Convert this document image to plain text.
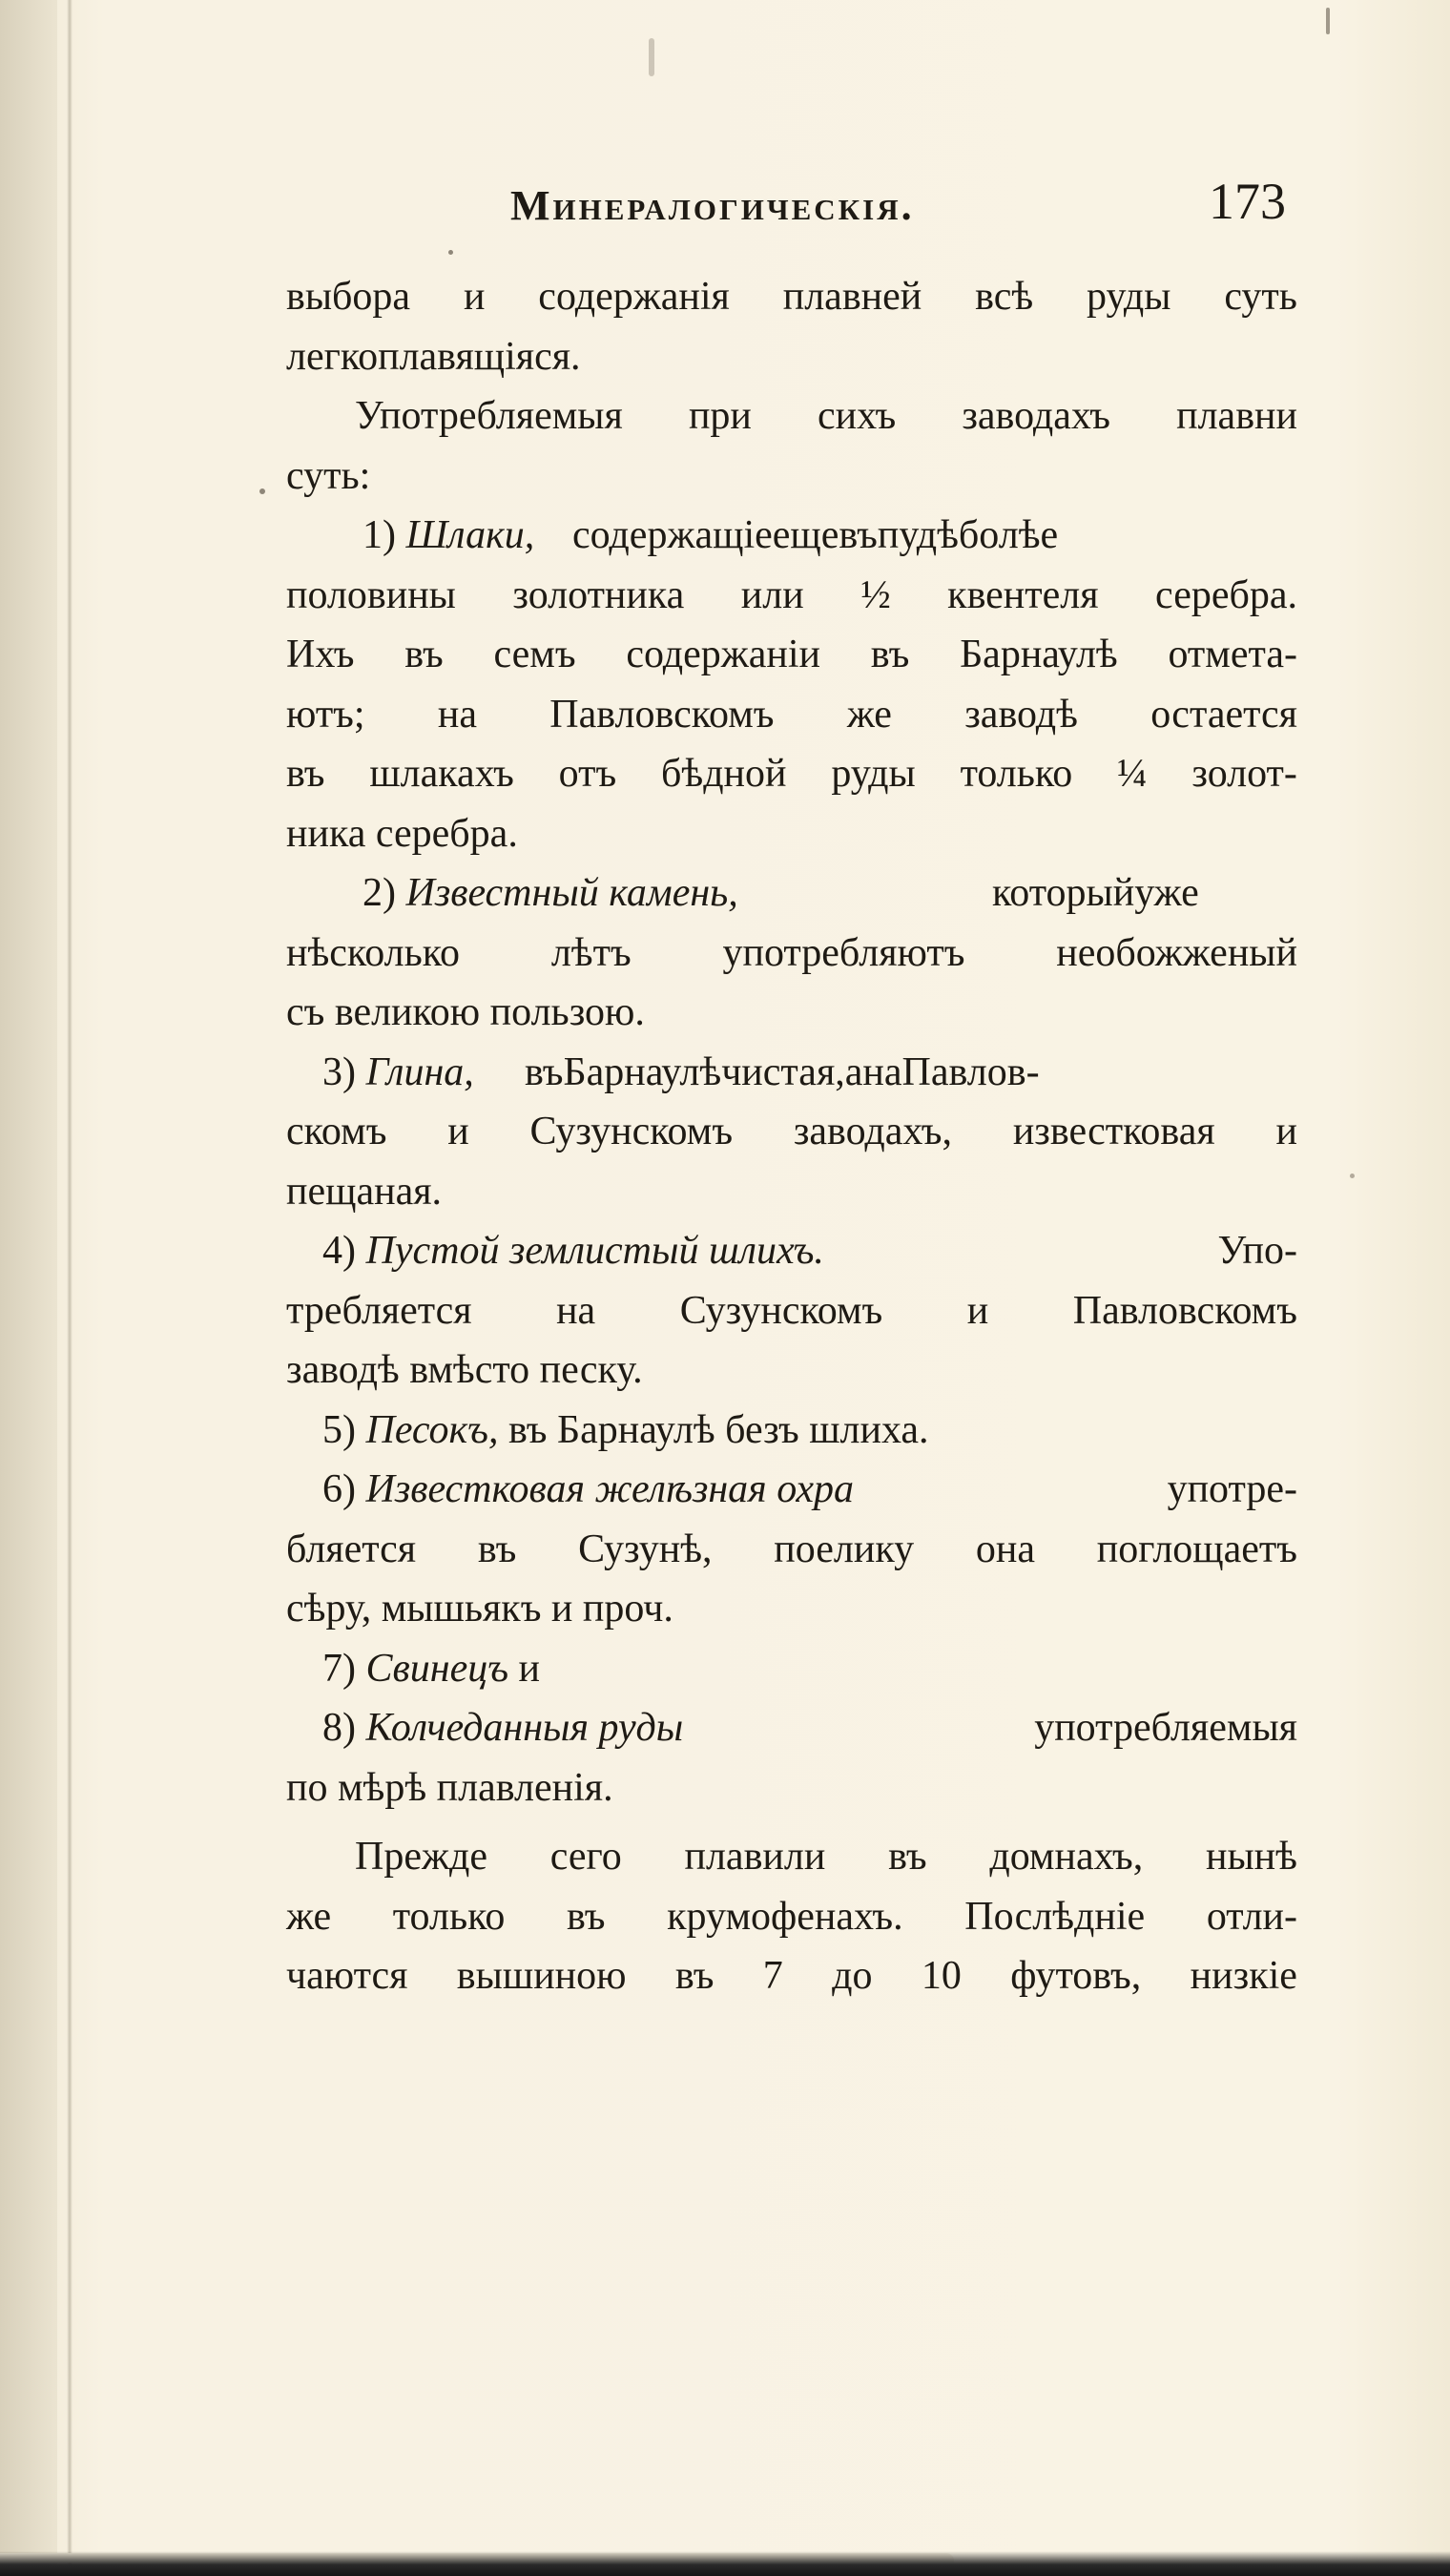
Минералогическія.	173
выбора и содержанія плавней всѣ руды суть
легкоплавящіяся.
Употребляемыя при сихъ заводахъ плавни
суть:
1) Шлаки, содержащіеещевъпудѣболѣе
половины золотника или ½ квентеля серебра.
Ихъ въ семъ содержаніи въ Барнаулѣ отмета-
ютъ; на Павловскомъ же заводѣ остается
въ шлакахъ отъ бѣдной руды только ¼ золот-
ника серебра.
2) Известный камень,	которыйуже
нѣсколько лѣтъ употребляютъ необожженый
съ великою пользою.
3) Глина, въБарнаулѣчистая,анаПавлов-
скомъ и Сузунскомъ заводахъ, известковая и
пещаная.
4) Пустой землистый шлихъ.	Упо-
требляется на Сузунскомъ и Павловскомъ
заводѣ вмѣсто песку.
5) Песокъ, въ Барнаулѣ безъ шлиха.
6) Известковая желѣзная охра	употре-
бляется въ Сузунѣ, поелику она поглощаетъ
сѣру, мышьякъ и проч.
7) Свинецъ и
8) Колчеданныя руды	употребляемыя
по мѣрѣ плавленія.
Прежде сего плавили въ домнахъ, нынѣ
же только въ крумофенахъ. Послѣдніе отли-
чаются вышиною въ 7 до 10 футовъ, низкіе
